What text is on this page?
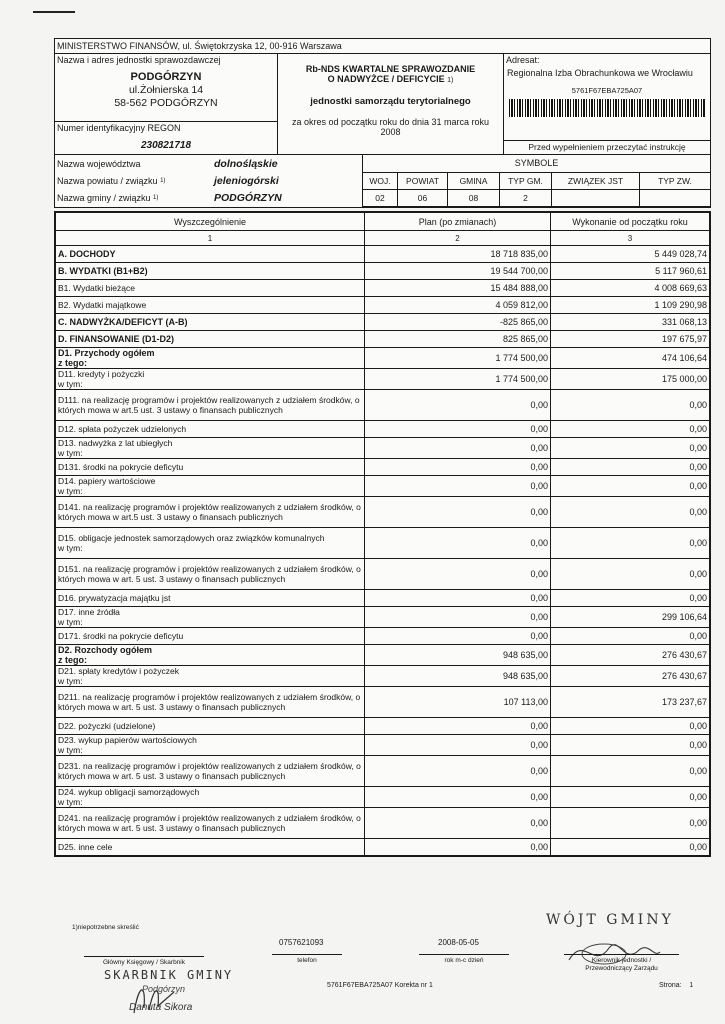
MINISTERSTWO FINANSÓW, ul. Świętokrzyska 12, 00-916 Warszawa
Nazwa i adres jednostki sprawozdawczej
PODGÓRZYN
ul.Żołnierska 14
58-562 PODGÓRZYN
Numer identyfikacyjny REGON
230821718
Rb-NDS KWARTALNE SPRAWOZDANIE
O NADWYŻCE / DEFICYCIE 1)
jednostki samorządu terytorialnego
za okres od początku roku do dnia 31 marca roku
2008
Adresat:
Regionalna Izba Obrachunkowa we Wrocławiu
5761F67EBA725A07
Przed wypełnieniem przeczytać instrukcję
Nazwa województwa	dolnośląskie
Nazwa powiatu / związku
1)	jeleniogórski
Nazwa gminy / związku
1)	PODGÓRZYN
SYMBOLE
WOJ.	POWIAT	GMINA	TYP GM.	ZWIĄZEK JST	TYP ZW.
02	06	08	2
Wyszczególnienie	Plan (po zmianach)	Wykonanie od początku roku
1	2	3
A. DOCHODY	18 718 835,00	5 449 028,74
B. WYDATKI (B1+B2)	19 544 700,00	5 117 960,61
B1. Wydatki bieżące	15 484 888,00	4 008 669,63
B2. Wydatki majątkowe	4 059 812,00	1 109 290,98
C. NADWYŻKA/DEFICYT (A-B)	-825 865,00	331 068,13
D. FINANSOWANIE (D1-D2)	825 865,00	197 675,97
D1. Przychody ogółem
z tego:	1 774 500,00	474 106,64
D11. kredyty i pożyczki
w tym:	1 774 500,00	175 000,00
D111. na realizację programów i projektów realizowanych z udziałem środków, o których mowa w art.5 ust. 3 ustawy o finansach publicznych	0,00	0,00
D12. spłata pożyczek udzielonych	0,00	0,00
D13. nadwyżka z lat ubiegłych
w tym:	0,00	0,00
D131. środki na pokrycie deficytu	0,00	0,00
D14. papiery wartościowe
w tym:	0,00	0,00
D141. na realizację programów i projektów realizowanych z udziałem środków, o których mowa w art.5 ust. 3 ustawy o finansach publicznych	0,00	0,00
D15. obligacje jednostek samorządowych oraz związków komunalnych
w tym:	0,00	0,00
D151. na realizację programów i projektów realizowanych z udziałem środków, o których mowa w art. 5 ust. 3 ustawy o finansach publicznych	0,00	0,00
D16. prywatyzacja majątku jst	0,00	0,00
D17. inne źródła
w tym:	0,00	299 106,64
D171. środki na pokrycie deficytu	0,00	0,00
D2. Rozchody ogółem
z tego:	948 635,00	276 430,67
D21. spłaty kredytów i pożyczek
w tym:	948 635,00	276 430,67
D211. na realizację programów i projektów realizowanych z udziałem środków, o których mowa w art. 5 ust. 3 ustawy o finansach publicznych	107 113,00	173 237,67
D22. pożyczki (udzielone)	0,00	0,00
D23. wykup papierów wartościowych
w tym:	0,00	0,00
D231. na realizację programów i projektów realizowanych z udziałem środków, o których mowa w art. 5 ust. 3 ustawy o finansach publicznych	0,00	0,00
D24. wykup obligacji samorządowych
w tym:	0,00	0,00
D241. na realizację programów i projektów realizowanych z udziałem środków, o których mowa w art. 5 ust. 3 ustawy o finansach publicznych	0,00	0,00
D25. inne cele	0,00	0,00
1)niepotrzebne skreślić
Główny Księgowy / Skarbnik
SKARBNIK GMINY
Podgórzyn
Danuta Sikora
0757621093
telefon
2008-05-05
rok m-c dzień
5761F67EBA725A07 Korekta nr 1
WÓJT GMINY
Kierownik jednostki /
Przewodniczący Zarządu
Strona: 1
